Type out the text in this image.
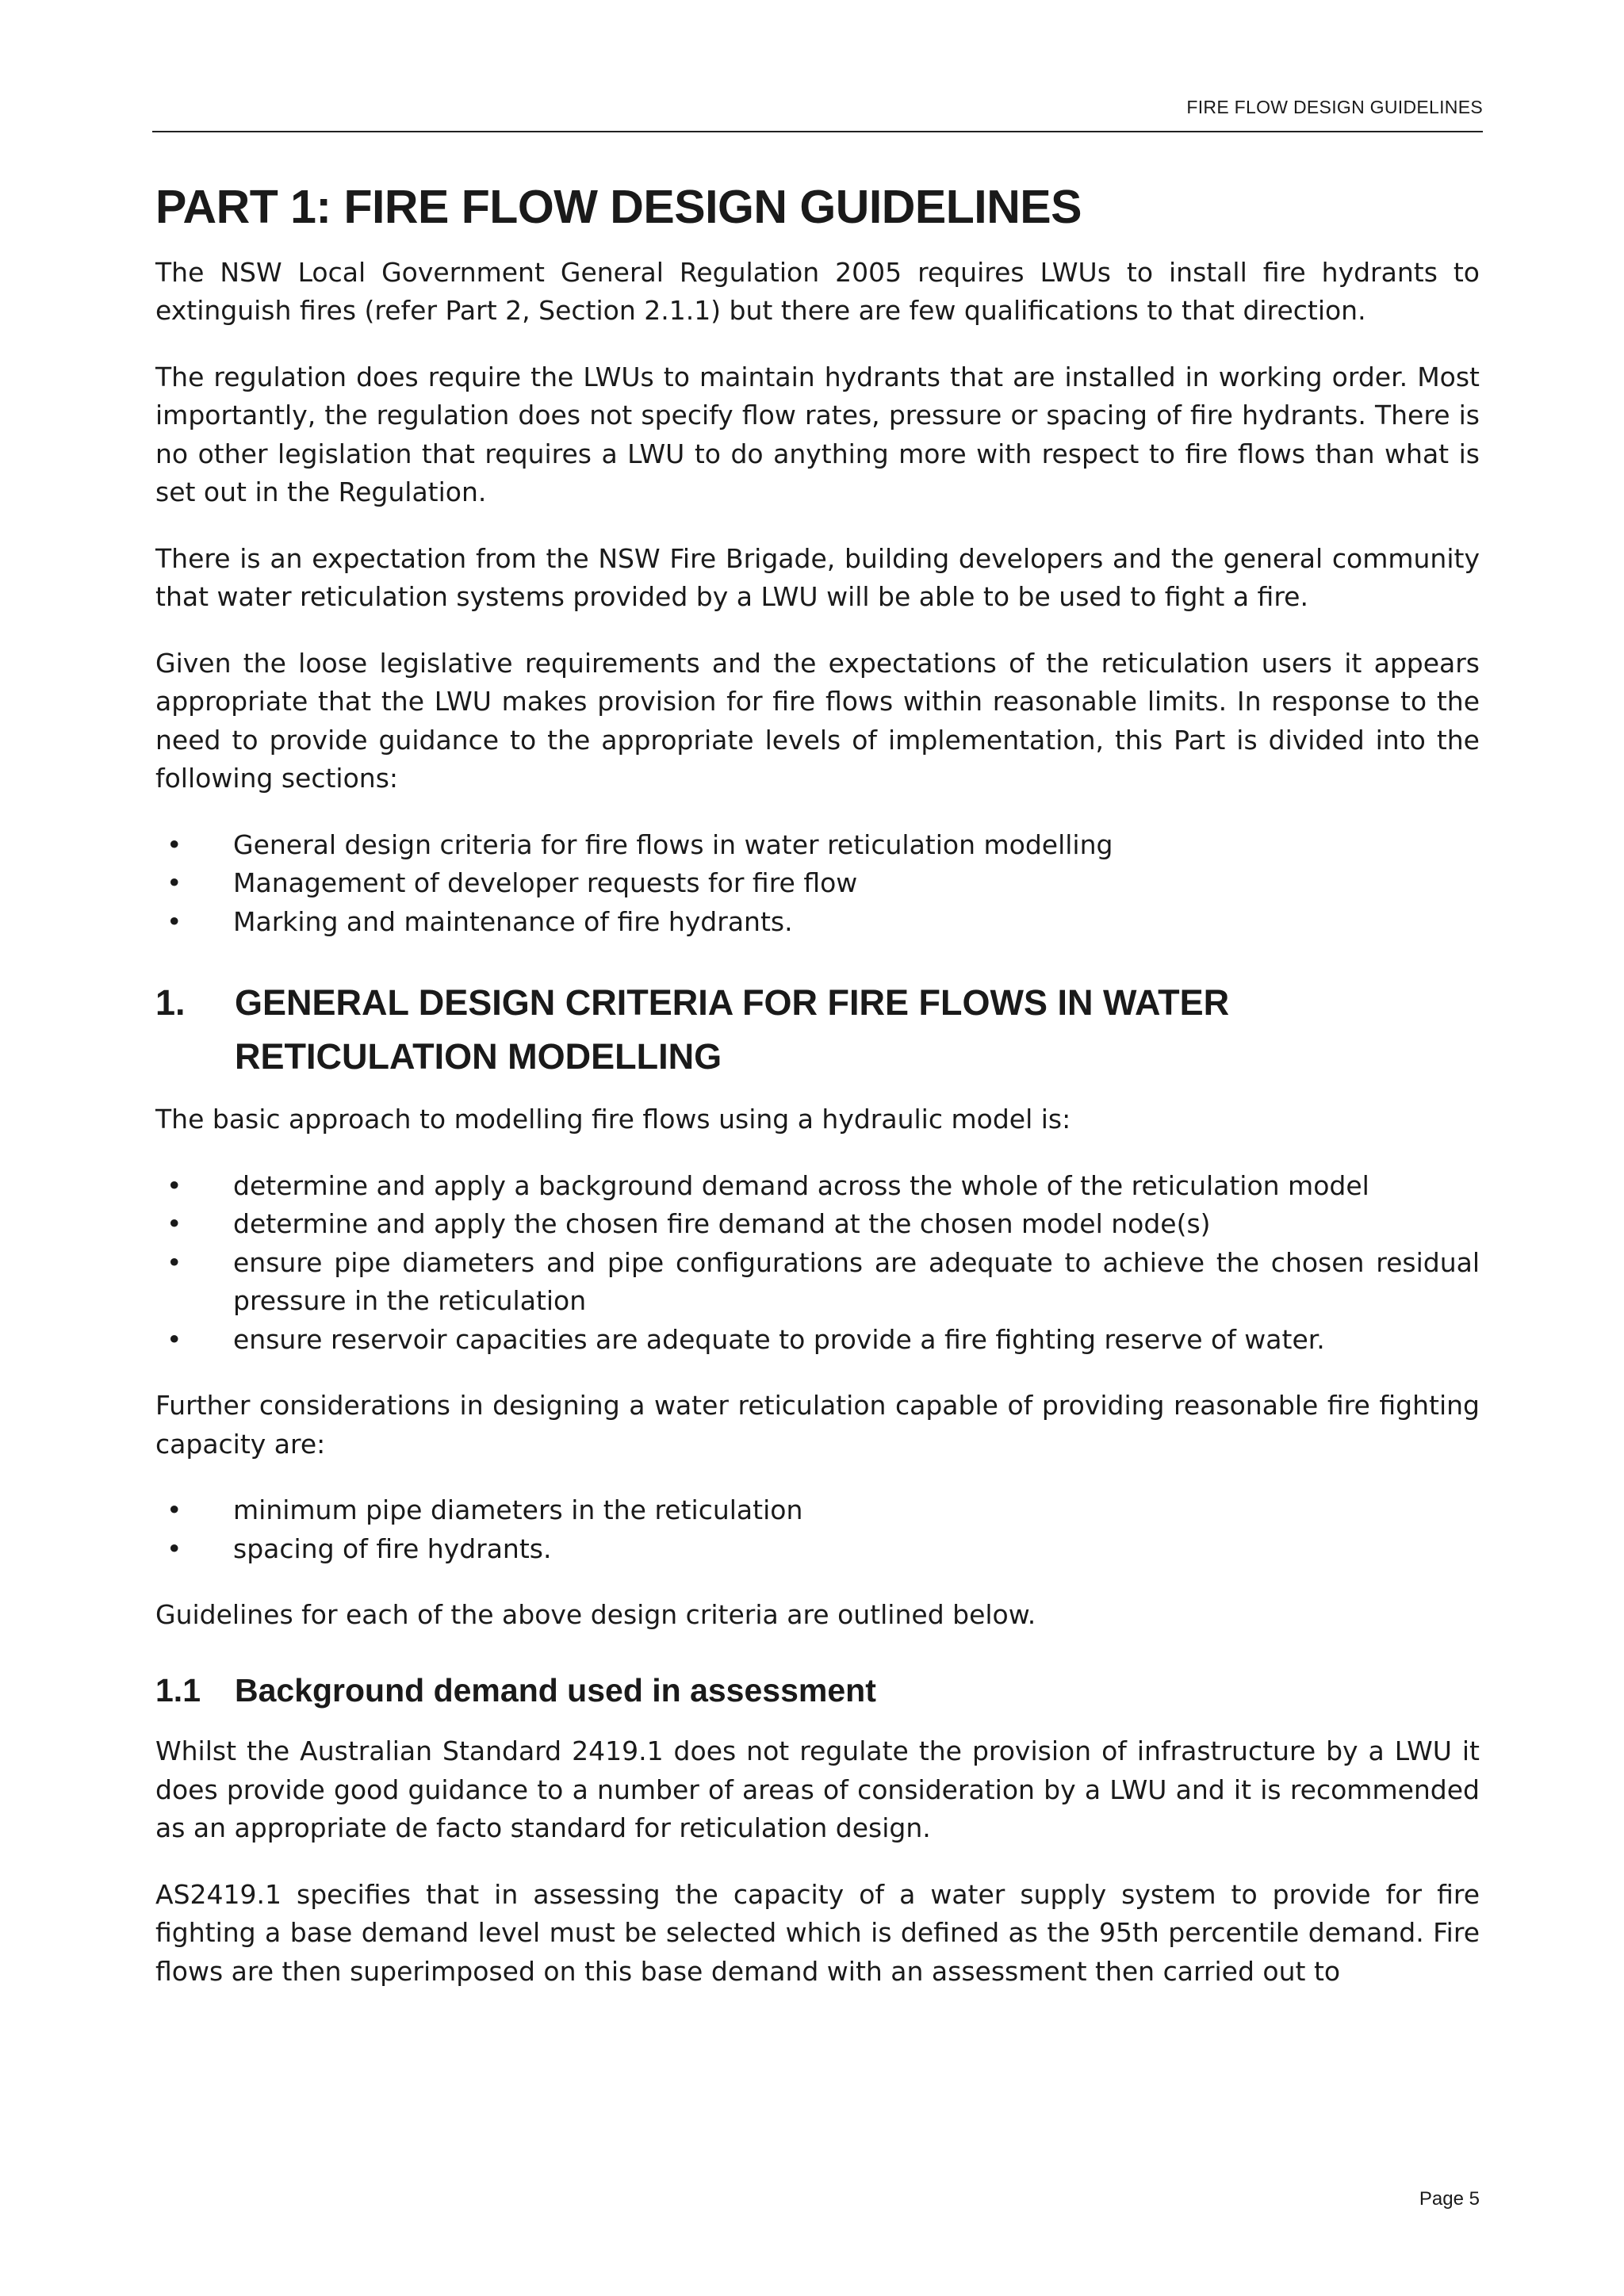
FIRE FLOW DESIGN GUIDELINES
PART 1: FIRE FLOW DESIGN GUIDELINES

The NSW Local Government General Regulation 2005 requires LWUs to install fire hydrants to extinguish fires (refer Part 2, Section 2.1.1) but there are few qualifications to that direction.

The regulation does require the LWUs to maintain hydrants that are installed in working order. Most importantly, the regulation does not specify flow rates, pressure or spacing of fire hydrants. There is no other legislation that requires a LWU to do anything more with respect to fire flows than what is set out in the Regulation.

There is an expectation from the NSW Fire Brigade, building developers and the general community that water reticulation systems provided by a LWU will be able to be used to fight a fire.

Given the loose legislative requirements and the expectations of the reticulation users it appears appropriate that the LWU makes provision for fire flows within reasonable limits. In response to the need to provide guidance to the appropriate levels of implementation, this Part is divided into the following sections:

• General design criteria for fire flows in water reticulation modelling
• Management of developer requests for fire flow
• Marking and maintenance of fire hydrants.
1.	GENERAL DESIGN CRITERIA FOR FIRE FLOWS IN WATER
RETICULATION MODELLING

The basic approach to modelling fire flows using a hydraulic model is:

• determine and apply a background demand across the whole of the reticulation model
• determine and apply the chosen fire demand at the chosen model node(s)
• ensure pipe diameters and pipe configurations are adequate to achieve the chosen residual pressure in the reticulation
• ensure reservoir capacities are adequate to provide a fire fighting reserve of water.

Further considerations in designing a water reticulation capable of providing reasonable fire fighting capacity are:

• minimum pipe diameters in the reticulation
• spacing of fire hydrants.

Guidelines for each of the above design criteria are outlined below.

1.1	Background demand used in assessment

Whilst the Australian Standard 2419.1 does not regulate the provision of infrastructure by a LWU it does provide good guidance to a number of areas of consideration by a LWU and it is recommended as an appropriate de facto standard for reticulation design.

AS2419.1 specifies that in assessing the capacity of a water supply system to provide for fire fighting a base demand level must be selected which is defined as the 95th percentile demand. Fire flows are then superimposed on this base demand with an assessment then carried out to

Page 5
